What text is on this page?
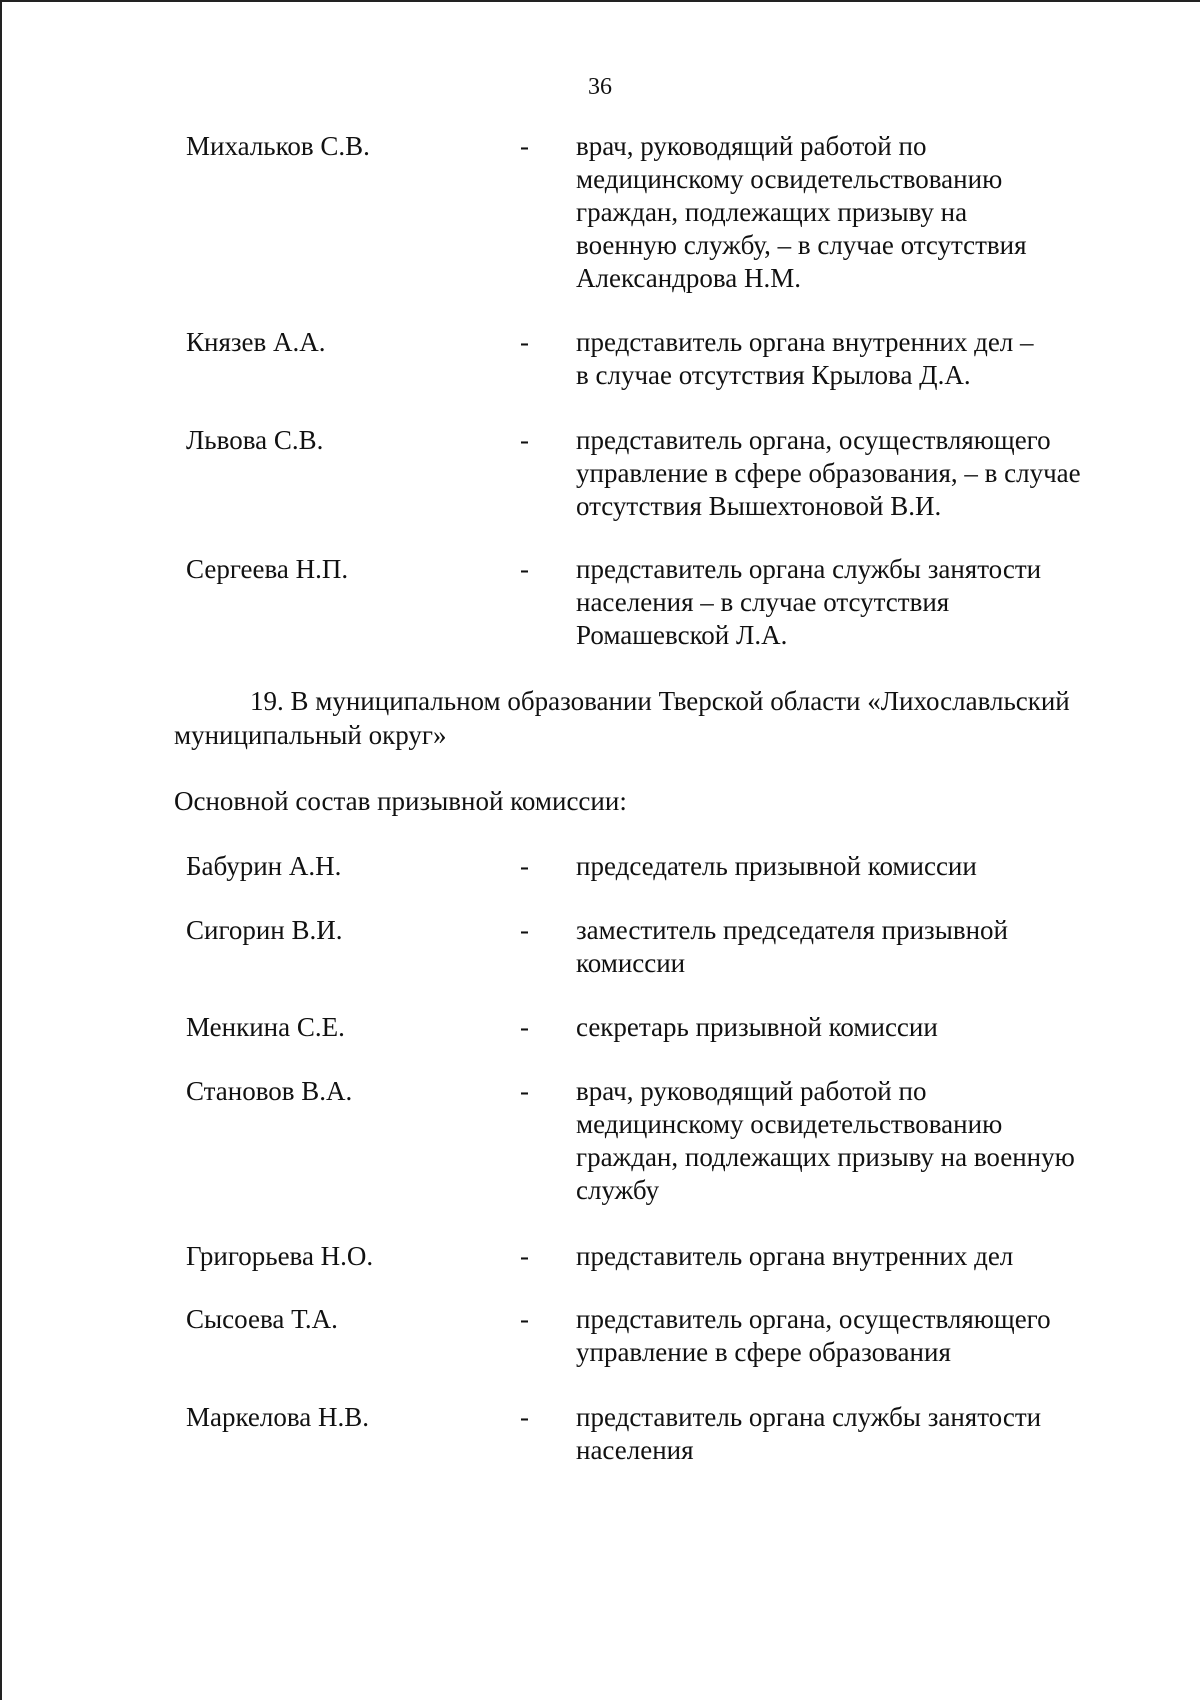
36
Михальков С.В.	- врач, руководящий работой по

медицинскому освидетельствованию

граждан, подлежащих призыву на

военную службу, – в случае отсутствия

Александрова Н.М.

Князев А.А.	- представитель органа внутренних дел –

в случае отсутствия Крылова Д.А.

Львова С.В.	- представитель органа, осуществляющего

управление в сфере образования, – в случае

отсутствия Вышехтоновой В.И.

Сергеева Н.П.	- представитель органа службы занятости

населения – в случае отсутствия

Ромашевской Л.А.

19. В муниципальном образовании Тверской области «Лихославльский
муниципальный округ»
Основной состав призывной комиссии:
Бабурин А.Н.	- председатель призывной комиссии

Сигорин В.И.	- заместитель председателя призывной

комиссии

Менкина С.Е.	- секретарь призывной комиссии

Становов В.А.	- врач, руководящий работой по

медицинскому освидетельствованию

граждан, подлежащих призыву на военную

службу

Григорьева Н.О.	- представитель органа внутренних дел

Сысоева Т.А.	- представитель органа, осуществляющего

управление в сфере образования

Маркелова Н.В.	- представитель органа службы занятости

населения
